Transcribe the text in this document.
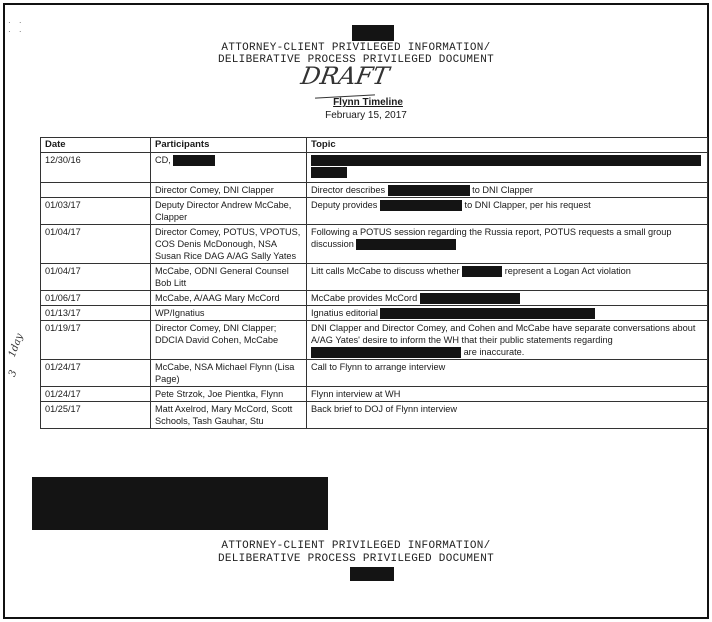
· ·
· ·
ATTORNEY-CLIENT PRIVILEGED INFORMATION/
DELIBERATIVE PROCESS PRIVILEGED DOCUMENT
DRAFT
Flynn Timeline
February 15, 2017
Date	Participants	Topic
12/30/16	CD,	

	Director Comey, DNI Clapper	Director describes to DNI Clapper
01/03/17	Deputy Director Andrew McCabe, Clapper	Deputy provides to DNI Clapper, per his request
01/04/17	Director Comey, POTUS, VPOTUS, COS Denis McDonough, NSA Susan Rice DAG A/AG Sally Yates	Following a POTUS session regarding the Russia report, POTUS requests a small group discussion
01/04/17	McCabe, ODNI General Counsel Bob Litt	Litt calls McCabe to discuss whether represent a Logan Act violation
01/06/17	McCabe, A/AAG Mary McCord	McCabe provides McCord
01/13/17	WP/Ignatius	Ignatius editorial
01/19/17	Director Comey, DNI Clapper; DDCIA David Cohen, McCabe	DNI Clapper and Director Comey, and Cohen and McCabe have separate conversations about A/AG Yates' desire to inform the WH that their public statements regarding  are inaccurate.
01/24/17	McCabe, NSA Michael Flynn (Lisa Page)	Call to Flynn to arrange interview
01/24/17	Pete Strzok, Joe Pientka, Flynn	Flynn interview at WH
01/25/17	Matt Axelrod, Mary McCord, Scott Schools, Tash Gauhar, Stu	Back brief to DOJ of Flynn interview
1day
3
ATTORNEY-CLIENT PRIVILEGED INFORMATION/
DELIBERATIVE PROCESS PRIVILEGED DOCUMENT
